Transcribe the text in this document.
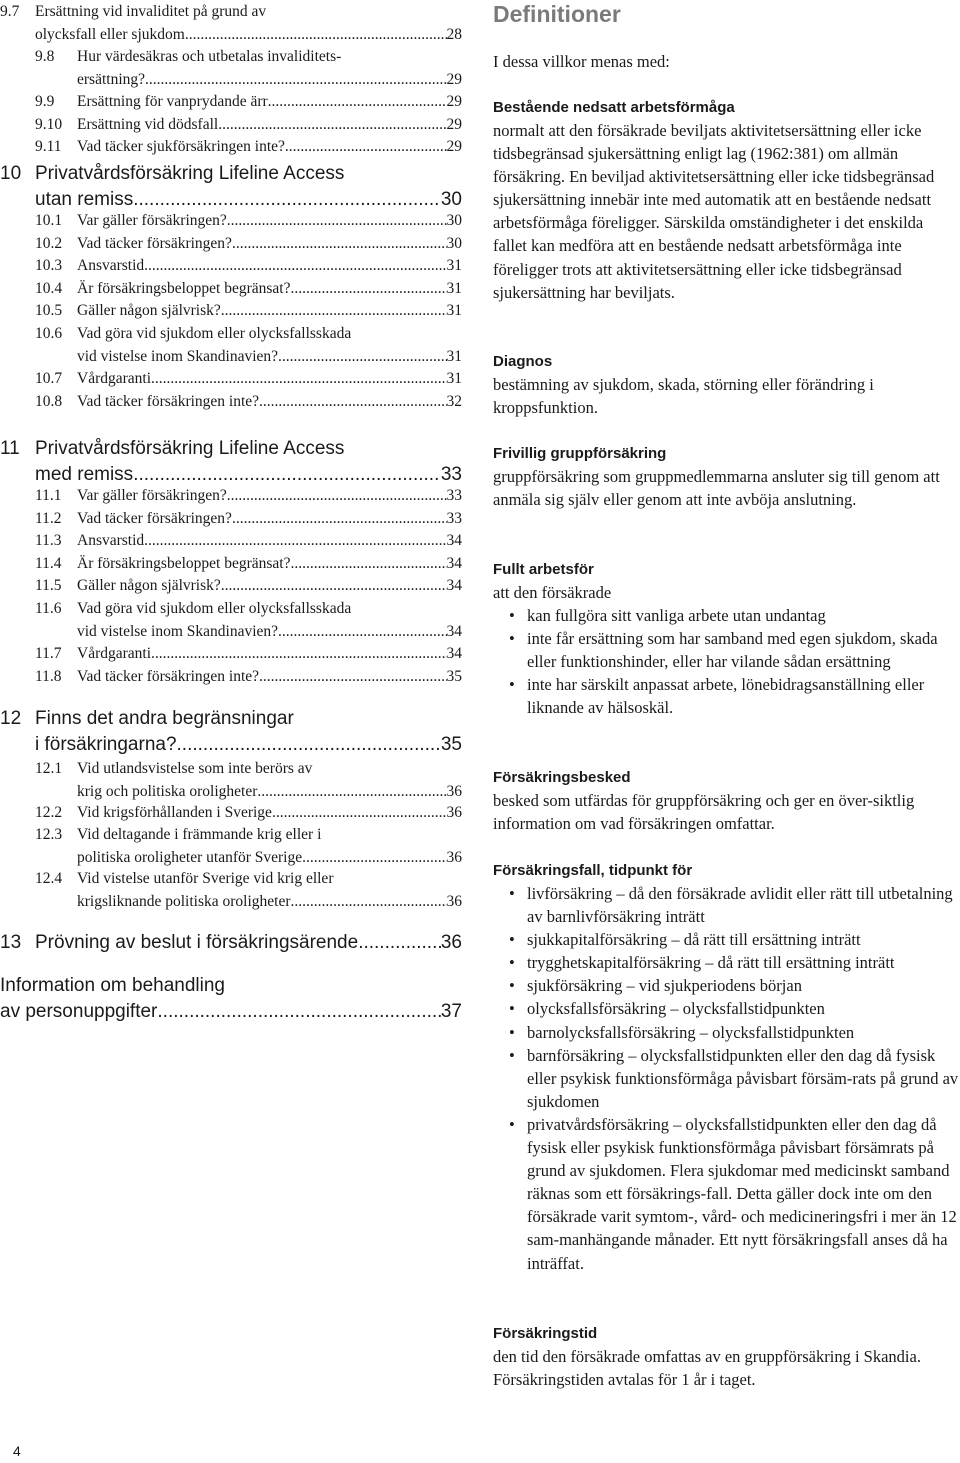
9.7 Ersättning vid invaliditet på grund av
olycksfall eller sjukdom .....	28
9.8 Hur värdesäkras och utbetalas invaliditets-
ersättning? .....	29
9.9 Ersättning för vanprydande ärr .....	29
9.10 Ersättning vid dödsfall .....	29
9.11 Vad täcker sjukförsäkringen inte? .....	29
10 Privatvårdsförsäkring Lifeline Access
utan remiss .....	30
10.1 Var gäller försäkringen? .....	30
10.2 Vad täcker försäkringen? .....	30
10.3 Ansvarstid .....	31
10.4 Är försäkringsbeloppet begränsat? .....	31
10.5 Gäller någon självrisk? .....	31
10.6 Vad göra vid sjukdom eller olycksfallsskada
vid vistelse inom Skandinavien? .....	31
10.7 Vårdgaranti .....	31
10.8 Vad täcker försäkringen inte? .....	32
11 Privatvårdsförsäkring Lifeline Access
med remiss .....	33
11.1 Var gäller försäkringen? .....	33
11.2 Vad täcker försäkringen? .....	33
11.3 Ansvarstid .....	34
11.4 Är försäkringsbeloppet begränsat? .....	34
11.5 Gäller någon självrisk? .....	34
11.6 Vad göra vid sjukdom eller olycksfallsskada
vid vistelse inom Skandinavien? .....	34
11.7 Vårdgaranti .....	34
11.8 Vad täcker försäkringen inte? .....	35
12 Finns det andra begränsningar
i försäkringarna? .....	35
12.1 Vid utlandsvistelse som inte berörs av
krig och politiska oroligheter .....	36
12.2 Vid krigsförhållanden i Sverige .....	36
12.3 Vid deltagande i främmande krig eller i
politiska oroligheter utanför Sverige .....	36
12.4 Vid vistelse utanför Sverige vid krig eller
krigsliknande politiska oroligheter .....	36
13 Prövning av beslut i försäkringsärende .....	36
Information om behandling
av personuppgifter .....	37
Definitioner
I dessa villkor menas med:
Bestående nedsatt arbetsförmåga

normalt att den försäkrade beviljats aktivitetsersättning eller icke tidsbegränsad sjukersättning enligt lag (1962:381) om allmän försäkring. En beviljad aktivitetsersättning eller icke tidsbegränsad sjukersättning innebär inte med automatik att en bestående nedsatt arbetsförmåga föreligger. Särskilda omständigheter i det enskilda fallet kan medföra att en bestående nedsatt arbetsförmåga inte föreligger trots att aktivitetsersättning eller icke tidsbegränsad sjukersättning har beviljats.

Diagnos

bestämning av sjukdom, skada, störning eller förändring i kroppsfunktion.

Frivillig gruppförsäkring

gruppförsäkring som gruppmedlemmarna ansluter sig till genom att anmäla sig själv eller genom att inte avböja anslutning.

Fullt arbetsför

att den försäkrade

• kan fullgöra sitt vanliga arbete utan undantag
• inte får ersättning som har samband med egen sjukdom, skada eller funktionshinder, eller har vilande sådan ersättning
• inte har särskilt anpassat arbete, lönebidragsanställning eller liknande av hälsoskäl.
Försäkringsbesked

besked som utfärdas för gruppförsäkring och ger en över-siktlig information om vad försäkringen omfattar.

Försäkringsfall, tidpunkt för
• livförsäkring – då den försäkrade avlidit eller rätt till utbetalning av barnlivförsäkring inträtt
• sjukkapitalförsäkring – då rätt till ersättning inträtt
• trygghetskapitalförsäkring – då rätt till ersättning inträtt
• sjukförsäkring – vid sjukperiodens början
• olycksfallsförsäkring – olycksfallstidpunkten
• barnolycksfallsförsäkring – olycksfallstidpunkten
• barnförsäkring – olycksfallstidpunkten eller den dag då fysisk eller psykisk funktionsförmåga påvisbart försäm-rats på grund av sjukdomen
• privatvårdsförsäkring – olycksfallstidpunkten eller den dag då fysisk eller psykisk funktionsförmåga påvisbart försämrats på grund av sjukdomen. Flera sjukdomar med medicinskt samband räknas som ett försäkrings-fall. Detta gäller dock inte om den försäkrade varit symtom-, vård- och medicineringsfri i mer än 12 sam-manhängande månader. Ett nytt försäkringsfall anses då ha inträffat.
Försäkringstid

den tid den försäkrade omfattas av en gruppförsäkring i Skandia. Försäkringstiden avtalas för 1 år i taget.

4
